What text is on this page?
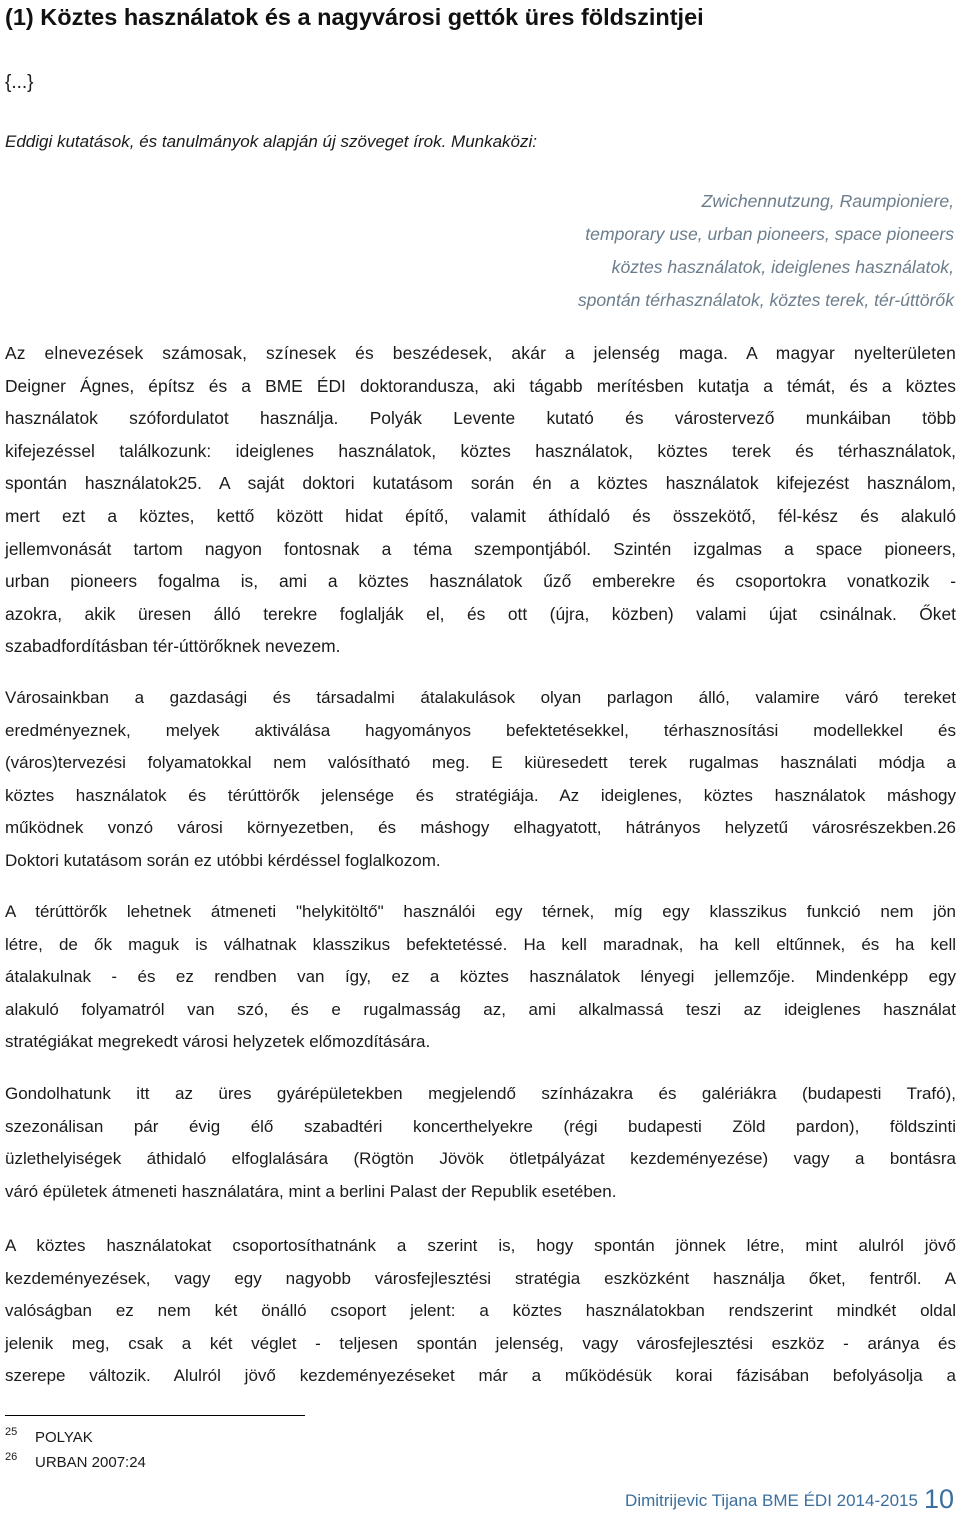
(1) Köztes használatok és a nagyvárosi gettók üres földszintjei
{...}
Eddigi kutatások, és tanulmányok alapján új szöveget írok. Munkaközi:
Zwichennutzung, Raumpioniere,
temporary use, urban pioneers, space pioneers
köztes használatok, ideiglenes használatok,
spontán térhasználatok, köztes terek, tér-úttörők
Az elnevezések számosak, színesek és beszédesek, akár a jelenség maga. A magyar nyelterületen
Deigner Ágnes, építsz és a BME ÉDI doktorandusza, aki tágabb merítésben kutatja a témát, és a köztes
használatok szófordulatot használja. Polyák Levente kutató és várostervező munkáiban több
kifejezéssel találkozunk: ideiglenes használatok, köztes használatok, köztes terek és térhasználatok,
spontán használatok25. A saját doktori kutatásom során én a köztes használatok kifejezést használom,
mert ezt a köztes, kettő között hidat építő, valamit áthídaló és összekötő, fél-kész és alakuló
jellemvonását tartom nagyon fontosnak a téma szempontjából. Szintén izgalmas a space pioneers,
urban pioneers fogalma is, ami a köztes használatok űző emberekre és csoportokra vonatkozik -
azokra, akik üresen álló terekre foglalják el, és ott (újra, közben) valami újat csinálnak. Őket
szabadfordításban tér-úttörőknek nevezem.
Városainkban a gazdasági és társadalmi átalakulások olyan parlagon álló, valamire váró tereket
eredményeznek, melyek aktiválása hagyományos befektetésekkel, térhasznosítási modellekkel és
(város)tervezési folyamatokkal nem valósítható meg. E kiüresedett terek rugalmas használati módja a
köztes használatok és térúttörők jelensége és stratégiája. Az ideiglenes, köztes használatok máshogy
működnek vonzó városi környezetben, és máshogy elhagyatott, hátrányos helyzetű városrészekben.26
Doktori kutatásom során ez utóbbi kérdéssel foglalkozom.
A térúttörők lehetnek átmeneti "helykitöltő" használói egy térnek, míg egy klasszikus funkció nem jön
létre, de ők maguk is válhatnak klasszikus befektetéssé. Ha kell maradnak, ha kell eltűnnek, és ha kell
átalakulnak - és ez rendben van így, ez a köztes használatok lényegi jellemzője. Mindenképp egy
alakuló folyamatról van szó, és e rugalmasság az, ami alkalmassá teszi az ideiglenes használat
stratégiákat megrekedt városi helyzetek előmozdítására.
Gondolhatunk itt az üres gyárépületekben megjelendő színházakra és galériákra (budapesti Trafó),
szezonálisan pár évig élő szabadtéri koncerthelyekre (régi budapesti Zöld pardon), földszinti
üzlethelyiségek áthidaló elfoglalására (Rögtön Jövök ötletpályázat kezdeményezése) vagy a bontásra
váró épületek átmeneti használatára, mint a berlini Palast der Republik esetében.
A köztes használatokat csoportosíthatnánk a szerint is, hogy spontán jönnek létre, mint alulról jövő
kezdeményezések, vagy egy nagyobb városfejlesztési stratégia eszközként használja őket, fentről. A
valóságban ez nem két önálló csoport jelent: a köztes használatokban rendszerint mindkét oldal
jelenik meg, csak a két véglet - teljesen spontán jelenség, vagy városfejlesztési eszköz - aránya és
szerepe változik. Alulról jövő kezdeményezéseket már a működésük korai fázisában befolyásolja a
25 POLYAK
26 URBAN 2007:24
Dimitrijevic Tijana BME ÉDI 2014-2015 10
